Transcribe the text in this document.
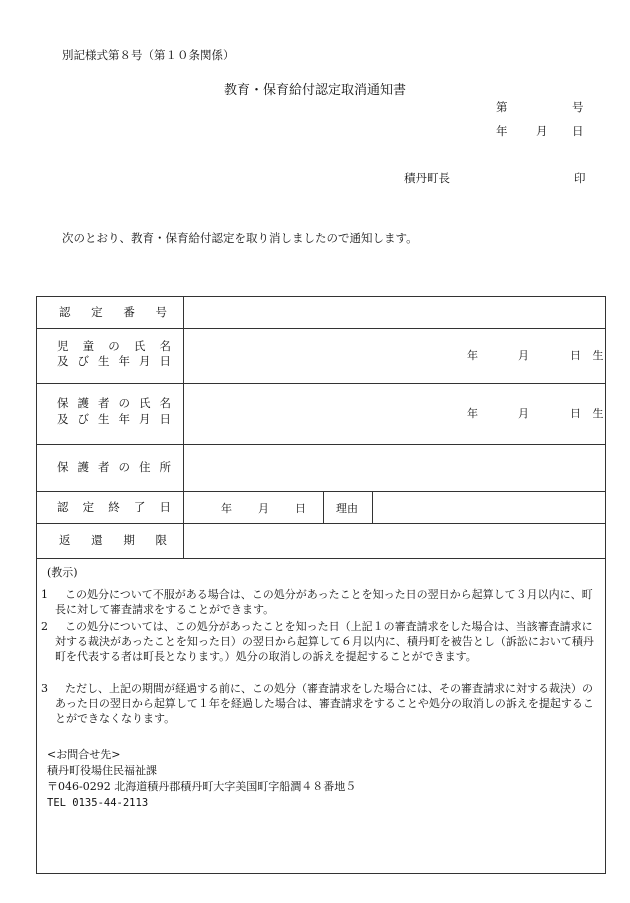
別記様式第８号（第１０条関係）
教育・保育給付認定取消通知書
第	号
年 月 日
積丹町長	印
次のとおり、教育・保育給付認定を取り消しましたので通知します。
認 定 番 号
児 童 の 氏 名
及 び 生 年 月 日	年	月	日 生
保 護 者 の 氏 名
及 び 生 年 月 日	年	月	日 生
保 護 者 の 住 所
認 定 終 了 日	年 月 日	理由
返 還 期 限
(教示)
1	この処分について不服がある場合は、この処分があったことを知った日の翌日から起算して３月以内に、町長に対して審査請求をすることができます。

2	この処分については、この処分があったことを知った日（上記１の審査請求をした場合は、当該審査請求に対する裁決があったことを知った日）の翌日から起算して６月以内に、積丹町を被告とし（訴訟において積丹町を代表する者は町長となります。）処分の取消しの訴えを提起することができます。

3	ただし、上記の期間が経過する前に、この処分（審査請求をした場合には、その審査請求に対する裁決）のあった日の翌日から起算して１年を経過した場合は、審査請求をすることや処分の取消しの訴えを提起することができなくなります。

<お問合せ先>
積丹町役場住民福祉課
〒046-0292 北海道積丹郡積丹町大字美国町字船澗４８番地５
TEL 0135-44-2113
